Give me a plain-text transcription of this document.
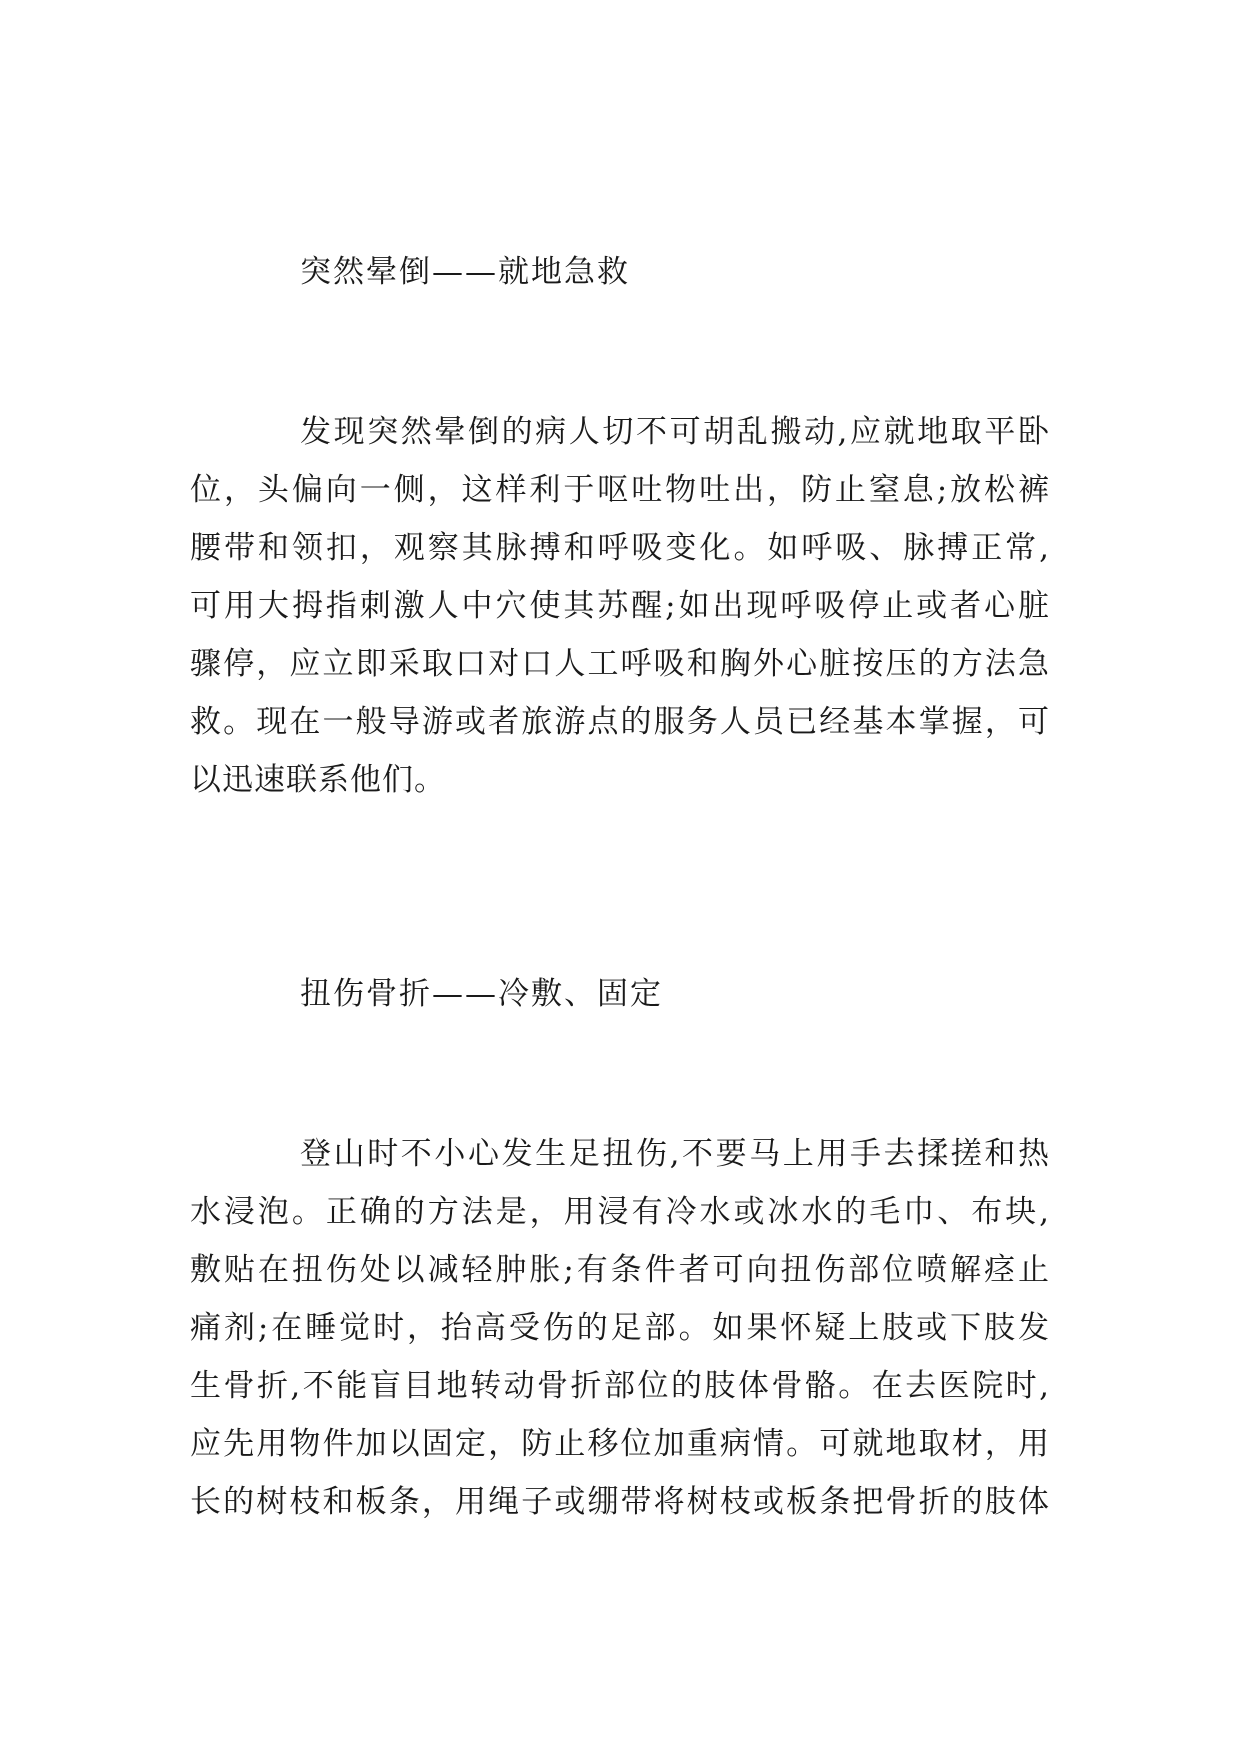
突然晕倒——就地急救
发现突然晕倒的病人切不可胡乱搬动,应就地取平卧
位，头偏向一侧，这样利于呕吐物吐出，防止窒息;放松裤
腰带和领扣，观察其脉搏和呼吸变化。如呼吸、脉搏正常,
可用大拇指刺激人中穴使其苏醒;如出现呼吸停止或者心脏
骤停，应立即采取口对口人工呼吸和胸外心脏按压的方法急
救。现在一般导游或者旅游点的服务人员已经基本掌握，可
以迅速联系他们。
扭伤骨折——冷敷、固定
登山时不小心发生足扭伤,不要马上用手去揉搓和热
水浸泡。正确的方法是，用浸有冷水或冰水的毛巾、布块,
敷贴在扭伤处以减轻肿胀;有条件者可向扭伤部位喷解痉止
痛剂;在睡觉时，抬高受伤的足部。如果怀疑上肢或下肢发
生骨折,不能盲目地转动骨折部位的肢体骨骼。在去医院时,
应先用物件加以固定，防止移位加重病情。可就地取材，用
长的树枝和板条，用绳子或绷带将树枝或板条把骨折的肢体
